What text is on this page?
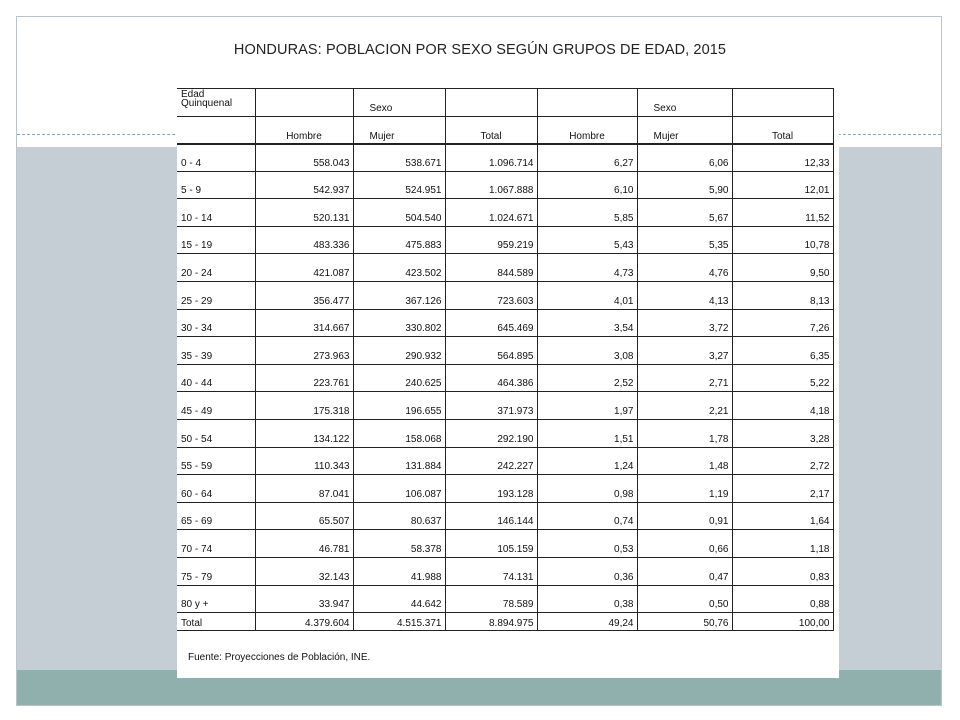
HONDURAS: POBLACION POR SEXO SEGÚN GRUPOS DE EDAD, 2015
Edad
Quinquenal		Sexo			Sexo	
	Hombre	Mujer	Total	Hombre	Mujer	Total
0 - 4	558.043	538.671	1.096.714	6,27	6,06	12,33
5 - 9	542.937	524.951	1.067.888	6,10	5,90	12,01
10 - 14	520.131	504.540	1.024.671	5,85	5,67	11,52
15 - 19	483.336	475.883	959.219	5,43	5,35	10,78
20 - 24	421.087	423.502	844.589	4,73	4,76	9,50
25 - 29	356.477	367.126	723.603	4,01	4,13	8,13
30 - 34	314.667	330.802	645.469	3,54	3,72	7,26
35 - 39	273.963	290.932	564.895	3,08	3,27	6,35
40 - 44	223.761	240.625	464.386	2,52	2,71	5,22
45 - 49	175.318	196.655	371.973	1,97	2,21	4,18
50 - 54	134.122	158.068	292.190	1,51	1,78	3,28
55 - 59	110.343	131.884	242.227	1,24	1,48	2,72
60 - 64	87.041	106.087	193.128	0,98	1,19	2,17
65 - 69	65.507	80.637	146.144	0,74	0,91	1,64
70 - 74	46.781	58.378	105.159	0,53	0,66	1,18
75 - 79	32.143	41.988	74.131	0,36	0,47	0,83
80 y +	33.947	44.642	78.589	0,38	0,50	0,88
Total	4.379.604	4.515.371	8.894.975	49,24	50,76	100,00
Fuente: Proyecciones de Población, INE.
